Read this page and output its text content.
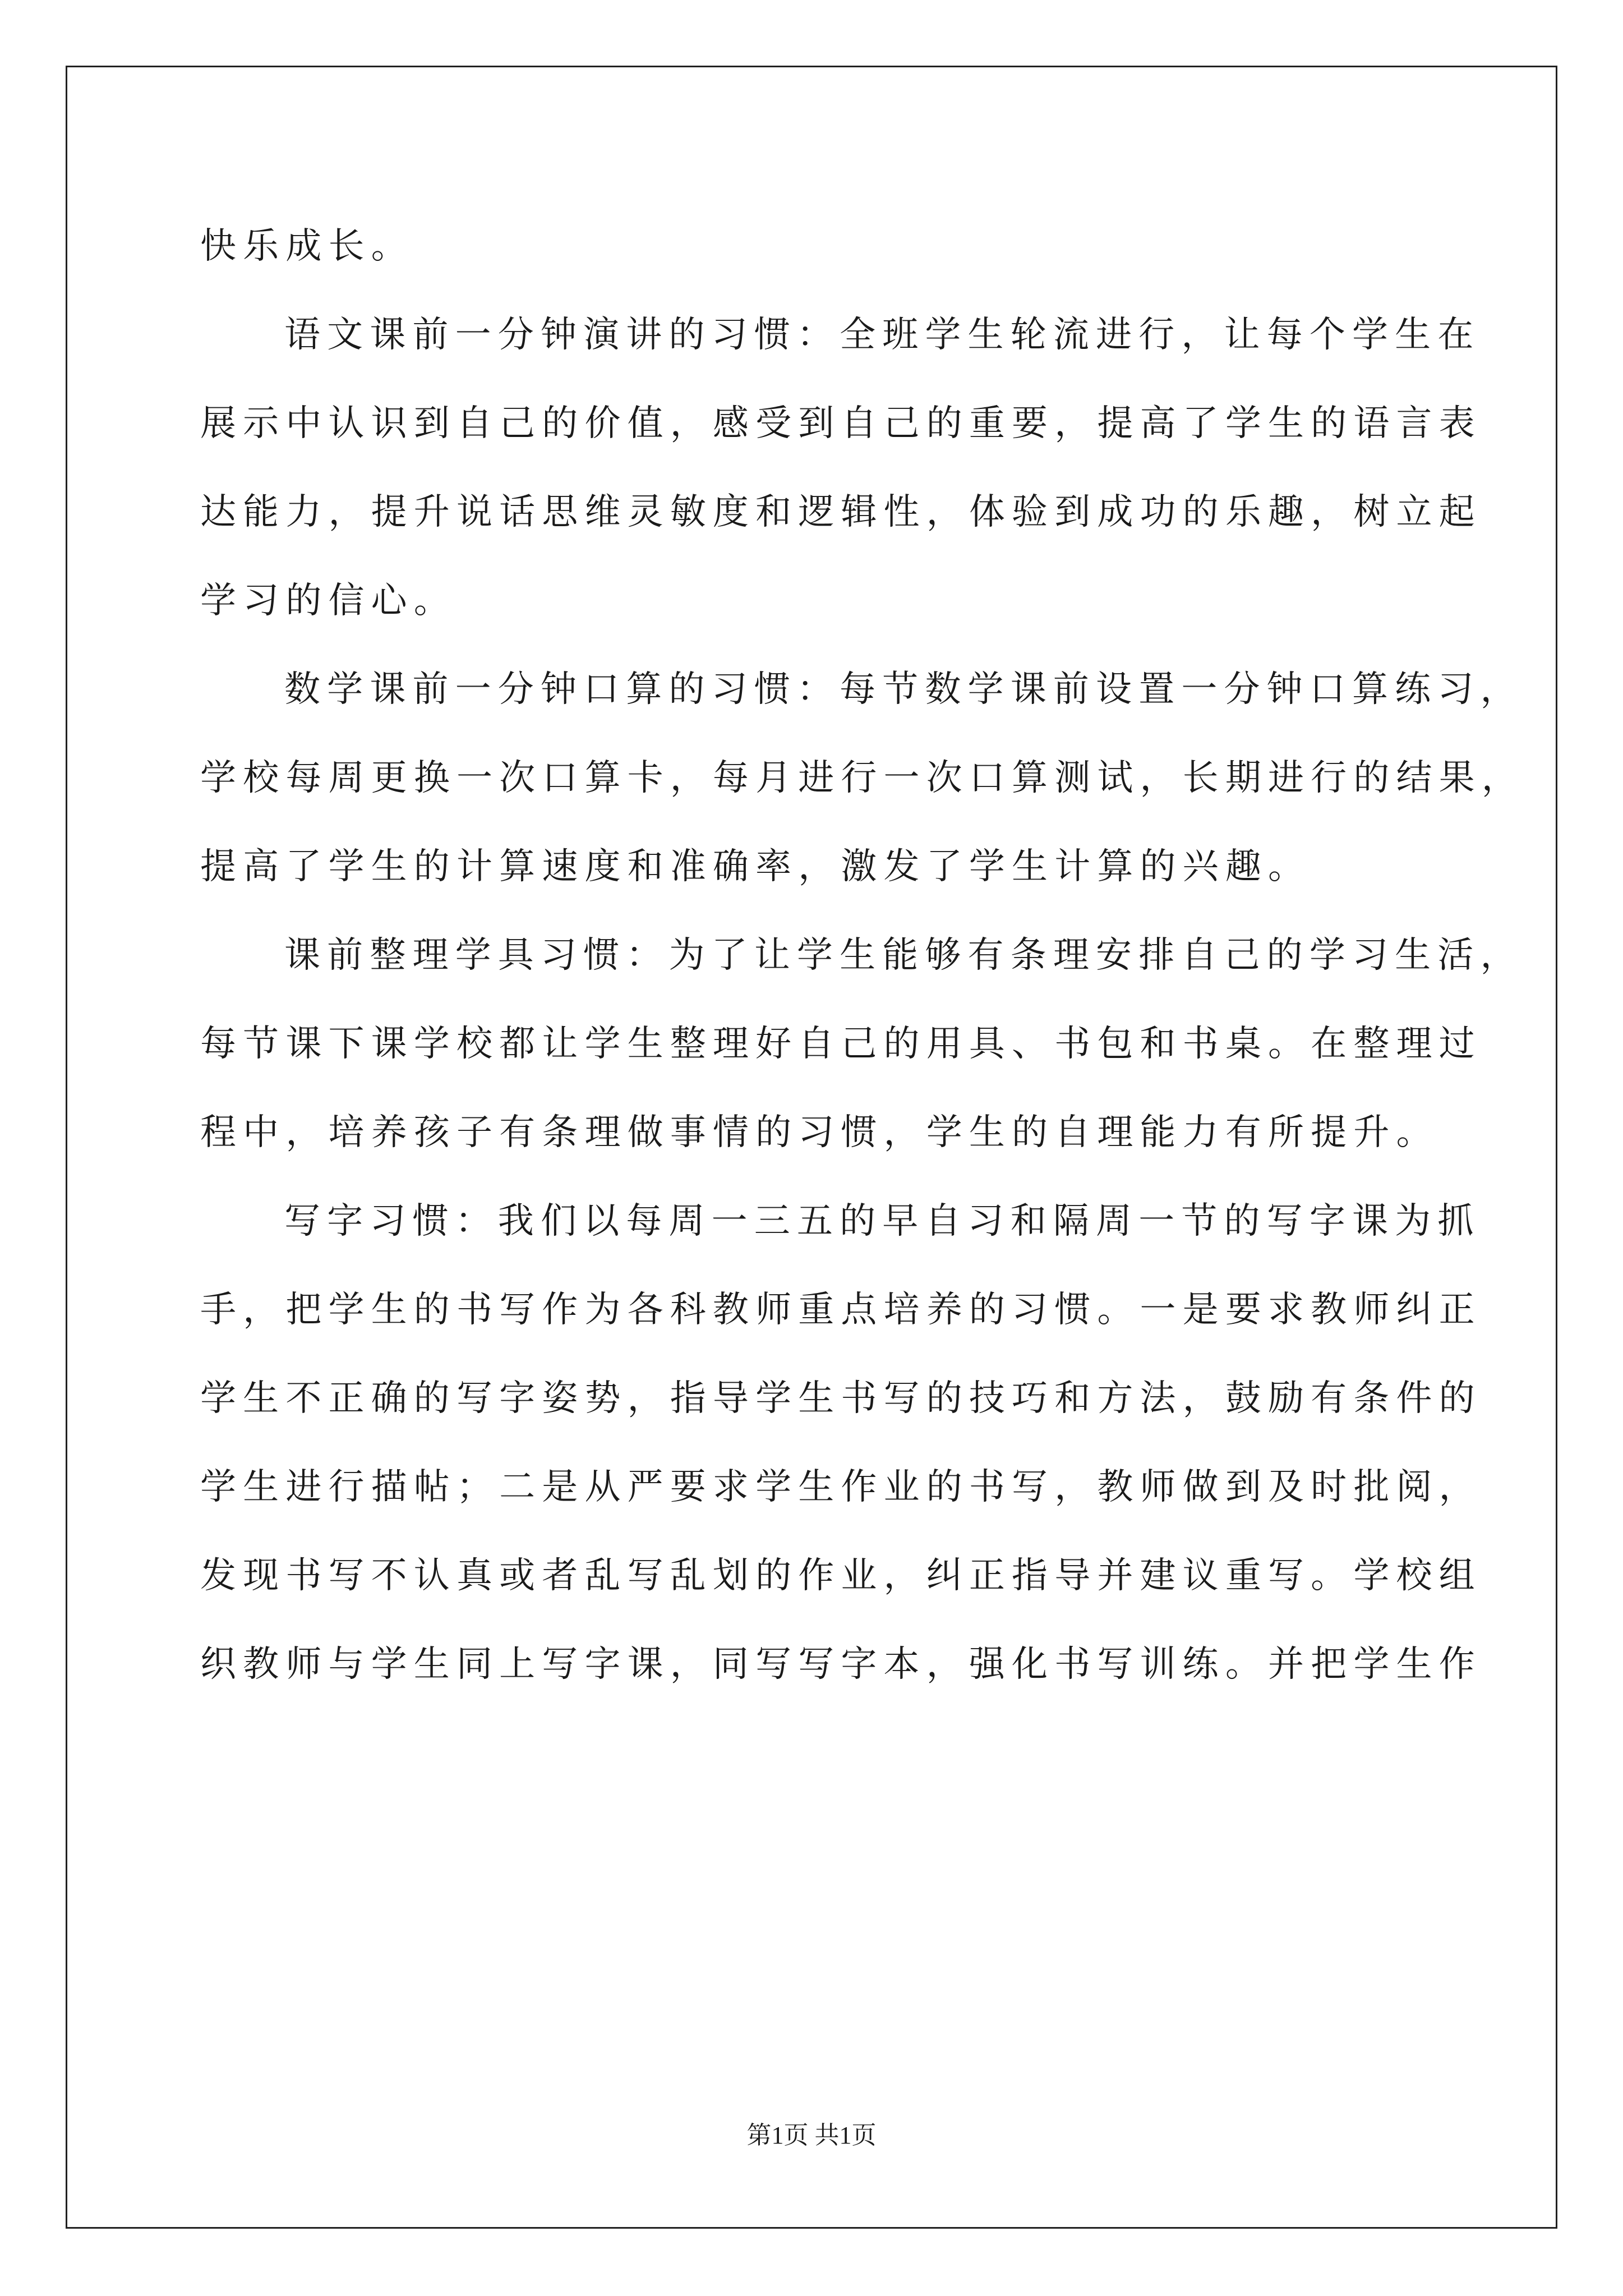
快乐成长。
语文课前一分钟演讲的习惯：全班学生轮流进行，让每个学生在
展示中认识到自己的价值，感受到自己的重要，提高了学生的语言表
达能力，提升说话思维灵敏度和逻辑性，体验到成功的乐趣，树立起
学习的信心。
数学课前一分钟口算的习惯：每节数学课前设置一分钟口算练习，
学校每周更换一次口算卡，每月进行一次口算测试，长期进行的结果，
提高了学生的计算速度和准确率，激发了学生计算的兴趣。
课前整理学具习惯：为了让学生能够有条理安排自己的学习生活，
每节课下课学校都让学生整理好自己的用具、书包和书桌。在整理过
程中，培养孩子有条理做事情的习惯，学生的自理能力有所提升。
写字习惯：我们以每周一三五的早自习和隔周一节的写字课为抓
手，把学生的书写作为各科教师重点培养的习惯。一是要求教师纠正
学生不正确的写字姿势，指导学生书写的技巧和方法，鼓励有条件的
学生进行描帖；二是从严要求学生作业的书写，教师做到及时批阅，
发现书写不认真或者乱写乱划的作业，纠正指导并建议重写。学校组
织教师与学生同上写字课，同写写字本，强化书写训练。并把学生作
第1页 共1页
